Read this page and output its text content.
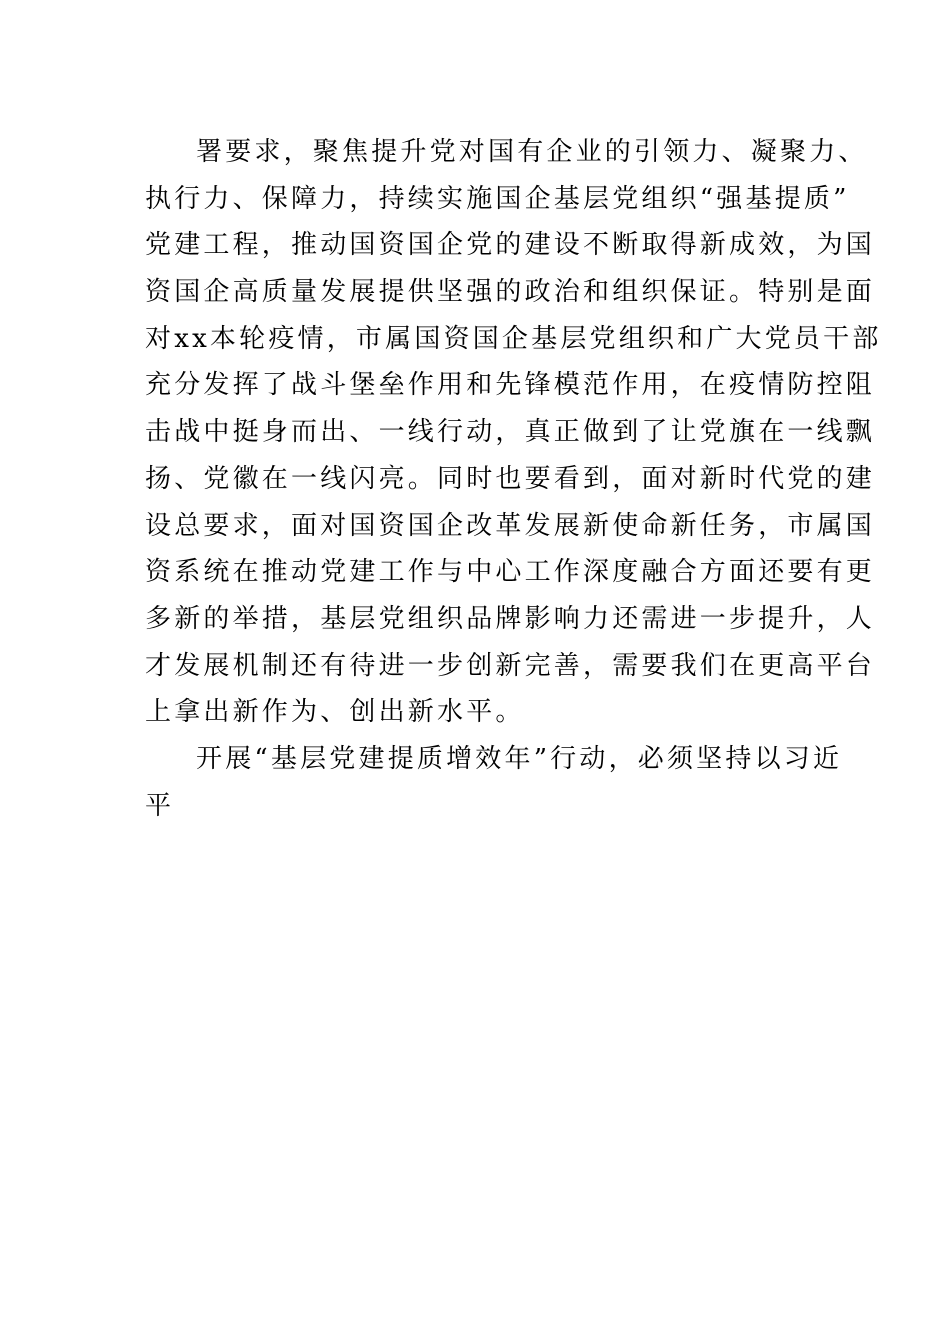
署要求，聚焦提升党对国有企业的引领力、凝聚力、
执行力、保障力，持续实施国企基层党组织“强基提质”
党建工程，推动国资国企党的建设不断取得新成效，为国
资国企高质量发展提供坚强的政治和组织保证。特别是面
对xx本轮疫情，市属国资国企基层党组织和广大党员干部
充分发挥了战斗堡垒作用和先锋模范作用，在疫情防控阻
击战中挺身而出、一线行动，真正做到了让党旗在一线飘
扬、党徽在一线闪亮。同时也要看到，面对新时代党的建
设总要求，面对国资国企改革发展新使命新任务，市属国
资系统在推动党建工作与中心工作深度融合方面还要有更
多新的举措，基层党组织品牌影响力还需进一步提升，人
才发展机制还有待进一步创新完善，需要我们在更高平台
上拿出新作为、创出新水平。
开展“基层党建提质增效年”行动，必须坚持以习近
平
